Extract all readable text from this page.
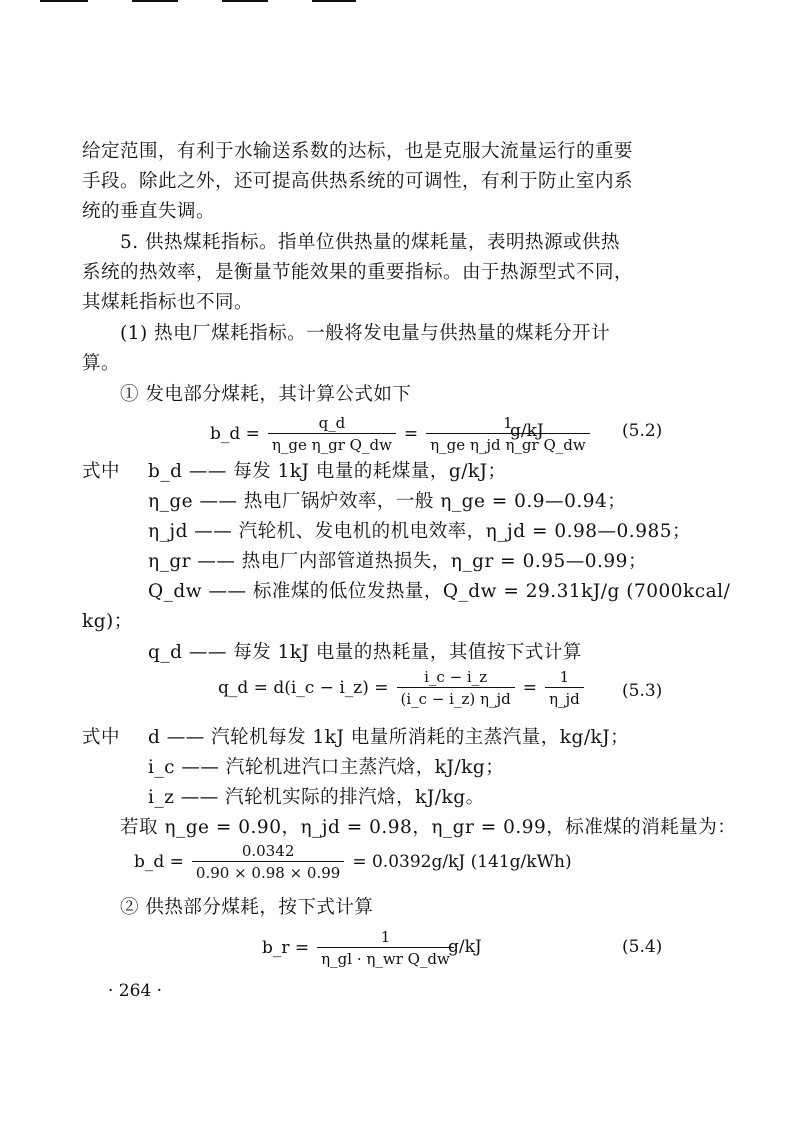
给定范围，有利于水输送系数的达标，也是克服大流量运行的重要
手段。除此之外，还可提高供热系统的可调性，有利于防止室内系
统的垂直失调。
5. 供热煤耗指标。指单位供热量的煤耗量，表明热源或供热
系统的热效率，是衡量节能效果的重要指标。由于热源型式不同，
其煤耗指标也不同。
(1) 热电厂煤耗指标。一般将发电量与供热量的煤耗分开计
算。
① 发电部分煤耗，其计算公式如下
b_d = $\frac{q\_d}{\text{η\_ge η\_gr Q\_dw}} = \frac{1}{\text{η\_ge η\_jd η\_gr Q\_dw}}$
g/kJ	(5.2)
式中 b_d —— 每发 1kJ 电量的耗煤量，g/kJ；
η_ge —— 热电厂锅炉效率，一般 η_ge = 0.9—0.94；
η_jd —— 汽轮机、发电机的机电效率，η_jd = 0.98—0.985；
η_gr —— 热电厂内部管道热损失，η_gr = 0.95—0.99；
Q_dw —— 标准煤的低位发热量，Q_dw = 29.31kJ/g (7000kcal/
kg)；
q_d —— 每发 1kJ 电量的热耗量，其值按下式计算
q_d = d(i_c − i_z) = $\frac{i\_c - i\_z}{(i\_c - i\_z) \eta\_jd} = \frac{1}{\eta\_jd} (5.3)$
式中 d —— 汽轮机每发 1kJ 电量所消耗的主蒸汽量，kg/kJ；
i_c —— 汽轮机进汽口主蒸汽焓，kJ/kg；
i_z —— 汽轮机实际的排汽焓，kJ/kg。
若取 η_ge = 0.90，η_jd = 0.98，η_gr = 0.99，标准煤的消耗量为：
b_d = $\frac{0.0342}{0.90 \times 0.98 \times 0.99} = 0.0392g/kJ$ (141g/kWh)
② 供热部分煤耗，按下式计算
b_r = $\frac{1}{\text{η\_gl · η\_wr Q\_dw}}$
g/kJ	(5.4)
· 264 ·
